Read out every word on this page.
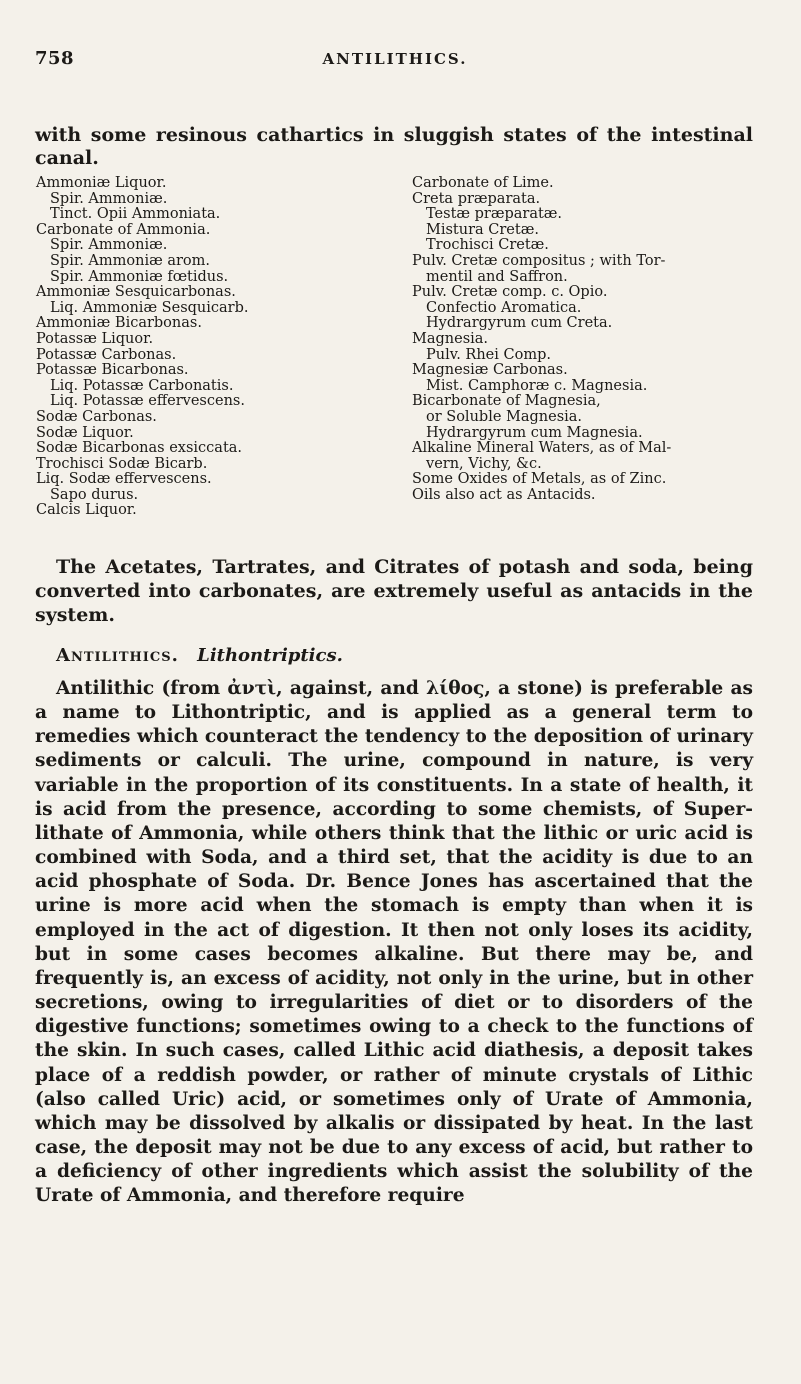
758	ANTILITHICS.
with some resinous cathartics in sluggish states of the intestinal canal.
Ammoniæ Liquor.
Spir. Ammoniæ.
Tinct. Opii Ammoniata.
Carbonate of Ammonia.
Spir. Ammoniæ.
Spir. Ammoniæ arom.
Spir. Ammoniæ fœtidus.
Ammoniæ Sesquicarbonas.
Liq. Ammoniæ Sesquicarb.
Ammoniæ Bicarbonas.
Potassæ Liquor.
Potassæ Carbonas.
Potassæ Bicarbonas.
Liq. Potassæ Carbonatis.
Liq. Potassæ effervescens.
Sodæ Carbonas.
Sodæ Liquor.
Sodæ Bicarbonas exsiccata.
Trochisci Sodæ Bicarb.
Liq. Sodæ effervescens.
Sapo durus.
Calcis Liquor.
Carbonate of Lime.
Creta præparata.
Testæ præparatæ.
Mistura Cretæ.
Trochisci Cretæ.
Pulv. Cretæ compositus ; with Tor-
mentil and Saffron.
Pulv. Cretæ comp. c. Opio.
Confectio Aromatica.
Hydrargyrum cum Creta.
Magnesia.
Pulv. Rhei Comp.
Magnesiæ Carbonas.
Mist. Camphoræ c. Magnesia.
Bicarbonate of Magnesia,
or Soluble Magnesia.
Hydrargyrum cum Magnesia.
Alkaline Mineral Waters, as of Mal-
vern, Vichy, &c.
Some Oxides of Metals, as of Zinc.
Oils also act as Antacids.
The Acetates, Tartrates, and Citrates of potash and soda, being converted into carbonates, are extremely useful as antacids in the system.
Antilithics. Lithontriptics.
Antilithic (from ἀντὶ, against, and λίθος, a stone) is preferable as a name to Lithontriptic, and is applied as a general term to remedies which counteract the tendency to the deposition of urinary sediments or calculi. The urine, compound in nature, is very variable in the proportion of its constituents. In a state of health, it is acid from the presence, according to some chemists, of Super-lithate of Ammonia, while others think that the lithic or uric acid is combined with Soda, and a third set, that the acidity is due to an acid phosphate of Soda. Dr. Bence Jones has ascertained that the urine is more acid when the stomach is empty than when it is employed in the act of digestion. It then not only loses its acidity, but in some cases becomes alkaline. But there may be, and frequently is, an excess of acidity, not only in the urine, but in other secretions, owing to irregularities of diet or to disorders of the digestive functions; sometimes owing to a check to the functions of the skin. In such cases, called Lithic acid diathesis, a deposit takes place of a reddish powder, or rather of minute crystals of Lithic (also called Uric) acid, or sometimes only of Urate of Ammonia, which may be dissolved by alkalis or dissipated by heat. In the last case, the deposit may not be due to any excess of acid, but rather to a deficiency of other ingredients which assist the solubility of the Urate of Ammonia, and therefore require
